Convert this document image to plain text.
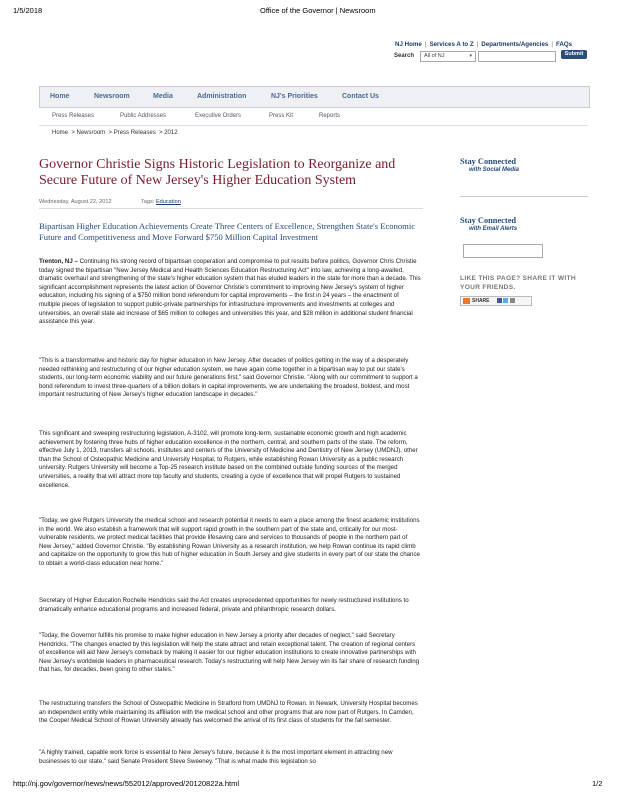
1/5/2018	Office of the Governor | Newsroom
NJ Home | Services A to Z | Departments/Agencies | FAQs
Search	All of NJ	▾	Submit
Home	Newsroom	Media	Administration	NJ's Priorities	Contact Us
Press Releases	Public Addresses	Executive Orders	Press Kit	Reports
Home  > Newsroom  > Press Releases  > 2012
Governor Christie Signs Historic Legislation to Reorganize and Secure Future of New Jersey's Higher Education System
Wednesday, August 22, 2012	Tags: Education
Bipartisan Higher Education Achievements Create Three Centers of Excellence, Strengthen State's Economic Future and Competitiveness and Move Forward $750 Million Capital Investment
Trenton, NJ – Continuing his strong record of bipartisan cooperation and compromise to put results before politics, Governor Chris Christie today signed the bipartisan "New Jersey Medical and Health Sciences Education Restructuring Act" into law, achieving a long-awaited, dramatic overhaul and strengthening of the state's higher education system that has eluded leaders in the state for more than a decade. This significant accomplishment represents the latest action of Governor Christie's commitment to improving New Jersey's system of higher education, including his signing of a $750 million bond referendum for capital improvements – the first in 24 years – the enactment of multiple pieces of legislation to support public-private partnerships for infrastructure improvements and investments at colleges and universities, an overall state aid increase of $65 million to colleges and universities this year, and $28 million in additional student financial assistance this year.
"This is a transformative and historic day for higher education in New Jersey. After decades of politics getting in the way of a desperately needed rethinking and restructuring of our higher education system, we have again come together in a bipartisan way to put our state's students, our long-term economic viability and our future generations first," said Governor Christie. "Along with our commitment to support a bond referendum to invest three-quarters of a billion dollars in capital improvements, we are undertaking the broadest, boldest, and most important restructuring of New Jersey's higher education landscape in decades."
This significant and sweeping restructuring legislation, A-3102, will promote long-term, sustainable economic growth and high academic achievement by fostering three hubs of higher education excellence in the northern, central, and southern parts of the state. The reform, effective July 1, 2013, transfers all schools, institutes and centers of the University of Medicine and Dentistry of New Jersey (UMDNJ), other than the School of Osteopathic Medicine and University Hospital, to Rutgers, while establishing Rowan University as a public research university. Rutgers University will become a Top-25 research institute based on the combined outside funding sources of the merged universities, a reality that will attract more top faculty and students, creating a cycle of excellence that will propel Rutgers to sustained excellence.
"Today, we give Rutgers University the medical school and research potential it needs to earn a place among the finest academic institutions in the world. We also establish a framework that will support rapid growth in the southern part of the state and, critically for our most-vulnerable residents, we protect medical facilities that provide lifesaving care and services to thousands of people in the northern part of New Jersey," added Governor Christie. "By establishing Rowan University as a research institution, we help Rowan continue its rapid climb and capitalize on the opportunity to grow this hub of higher education in South Jersey and give students in every part of our state the chance to obtain a world-class education near home."
Secretary of Higher Education Rochelle Hendricks said the Act creates unprecedented opportunities for newly restructured institutions to dramatically enhance educational programs and increased federal, private and philanthropic research dollars.
"Today, the Governor fulfills his promise to make higher education in New Jersey a priority after decades of neglect," said Secretary Hendricks. "The changes enacted by this legislation will help the state attract and retain exceptional talent. The creation of regional centers of excellence will aid New Jersey's comeback by making it easier for our higher education institutions to create innovative partnerships with New Jersey's worldwide leaders in pharmaceutical research. Today's restructuring will help New Jersey win its fair share of research funding that has, for decades, been going to other states."
The restructuring transfers the School of Osteopathic Medicine in Stratford from UMDNJ to Rowan. In Newark, University Hospital becomes an independent entity while maintaining its affiliation with the medical school and other programs that are now part of Rutgers. In Camden, the Cooper Medical School of Rowan University already has welcomed the arrival of its first class of students for the fall semester.
"A highly trained, capable work force is essential to New Jersey's future, because it is the most important element in attracting new businesses to our state," said Senate President Steve Sweeney. "That is what made this legislation so
Stay Connected
with Social Media
Stay Connected
with Email Alerts
LIKE THIS PAGE? SHARE IT WITH YOUR FRIENDS.
SHARE
http://nj.gov/governor/news/news/552012/approved/20120822a.html	1/2
